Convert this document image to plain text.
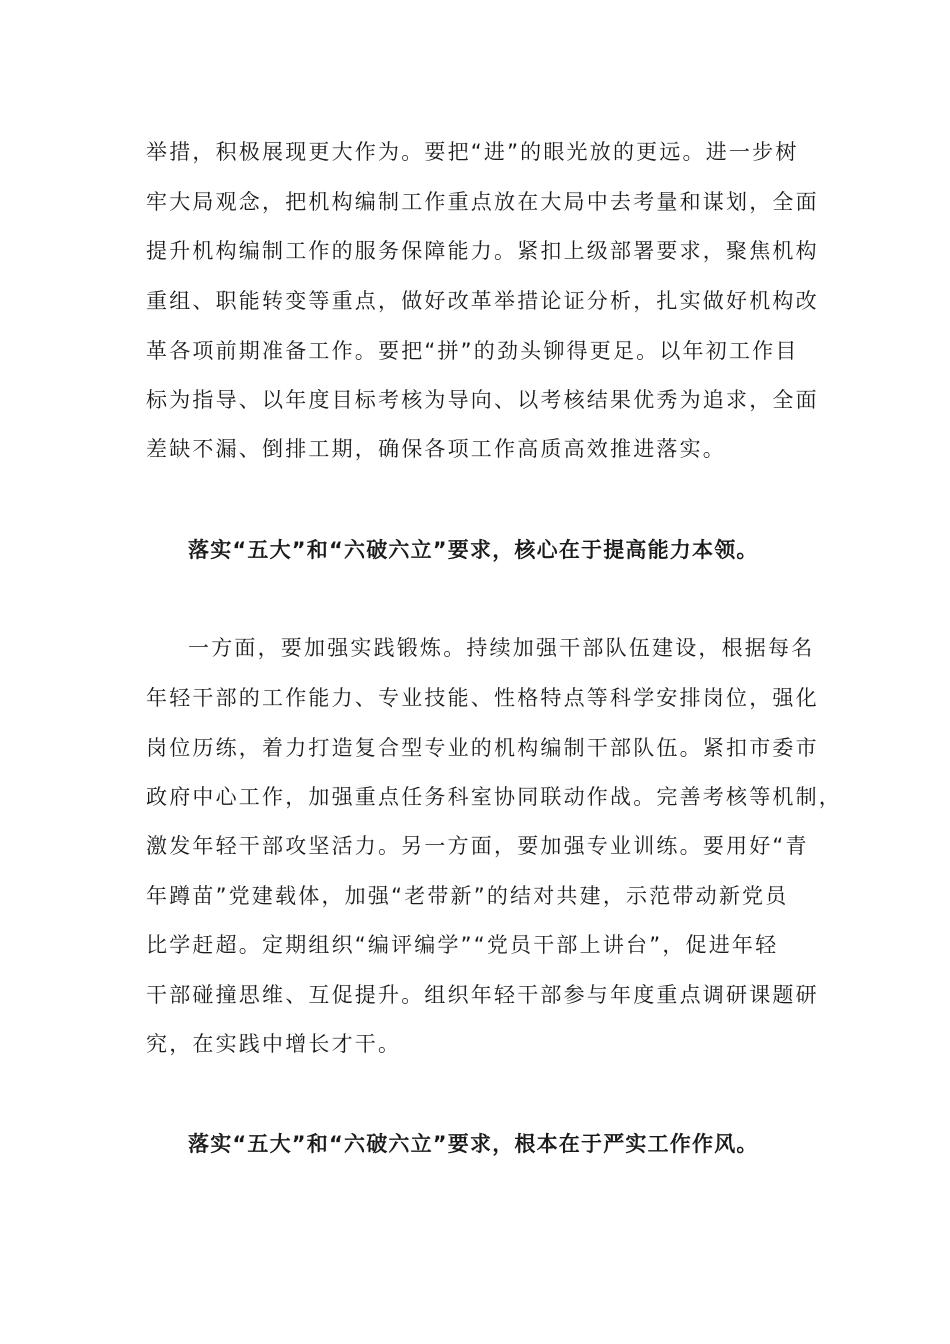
举措，积极展现更大作为。要把“进”的眼光放的更远。进一步树
牢大局观念，把机构编制工作重点放在大局中去考量和谋划，全面
提升机构编制工作的服务保障能力。紧扣上级部署要求，聚焦机构
重组、职能转变等重点，做好改革举措论证分析，扎实做好机构改
革各项前期准备工作。要把“拼”的劲头铆得更足。以年初工作目
标为指导、以年度目标考核为导向、以考核结果优秀为追求，全面
差缺不漏、倒排工期，确保各项工作高质高效推进落实。
落实“五大”和“六破六立”要求，核心在于提高能力本领。
一方面，要加强实践锻炼。持续加强干部队伍建设，根据每名
年轻干部的工作能力、专业技能、性格特点等科学安排岗位，强化
岗位历练，着力打造复合型专业的机构编制干部队伍。紧扣市委市
政府中心工作，加强重点任务科室协同联动作战。完善考核等机制，
激发年轻干部攻坚活力。另一方面，要加强专业训练。要用好“青
年蹲苗”党建载体，加强“老带新”的结对共建，示范带动新党员
比学赶超。定期组织“编评编学”“党员干部上讲台”，促进年轻
干部碰撞思维、互促提升。组织年轻干部参与年度重点调研课题研
究，在实践中增长才干。
落实“五大”和“六破六立”要求，根本在于严实工作作风。
